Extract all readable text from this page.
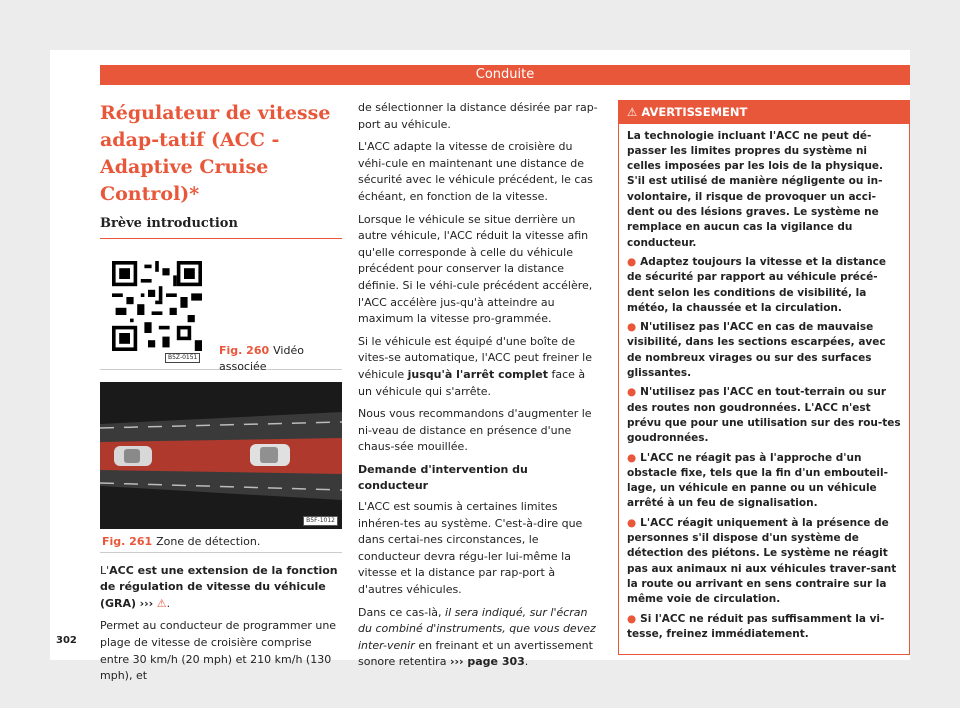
Conduite
Régulateur de vitesse adap-tatif (ACC - Adaptive Cruise Control)*
Brève introduction
B5Z-0151
Fig. 260 Vidéo associée
B5F-1012
Fig. 261 Zone de détection.

L'ACC est une extension de la fonction de régulation de vitesse du véhicule (GRA) ››› ⚠.

Permet au conducteur de programmer une plage de vitesse de croisière comprise entre 30 km/h (20 mph) et 210 km/h (130 mph), et

de sélectionner la distance désirée par rap-port au véhicule.

L'ACC adapte la vitesse de croisière du véhi-cule en maintenant une distance de sécurité avec le véhicule précédent, le cas échéant, en fonction de la vitesse.

Lorsque le véhicule se situe derrière un autre véhicule, l'ACC réduit la vitesse afin qu'elle corresponde à celle du véhicule précédent pour conserver la distance définie. Si le véhi-cule précédent accélère, l'ACC accélère jus-qu'à atteindre au maximum la vitesse pro-grammée.

Si le véhicule est équipé d'une boîte de vites-se automatique, l'ACC peut freiner le véhicule jusqu'à l'arrêt complet face à un véhicule qui s'arrête.

Nous vous recommandons d'augmenter le ni-veau de distance en présence d'une chaus-sée mouillée.

Demande d'intervention du conducteur

L'ACC est soumis à certaines limites inhéren-tes au système. C'est-à-dire que dans certai-nes circonstances, le conducteur devra régu-ler lui-même la vitesse et la distance par rap-port à d'autres véhicules.

Dans ce cas-là, il sera indiqué, sur l'écran du combiné d'instruments, que vous devez inter-venir en freinant et un avertissement sonore retentira ››› page 303.

⚠ AVERTISSEMENT

La technologie incluant l'ACC ne peut dé-passer les limites propres du système ni celles imposées par les lois de la physique. S'il est utilisé de manière négligente ou in-volontaire, il risque de provoquer un acci-dent ou des lésions graves. Le système ne remplace en aucun cas la vigilance du conducteur.

● Adaptez toujours la vitesse et la distance de sécurité par rapport au véhicule précé-dent selon les conditions de visibilité, la météo, la chaussée et la circulation.

● N'utilisez pas l'ACC en cas de mauvaise visibilité, dans les sections escarpées, avec de nombreux virages ou sur des surfaces glissantes.

● N'utilisez pas l'ACC en tout-terrain ou sur des routes non goudronnées. L'ACC n'est prévu que pour une utilisation sur des rou-tes goudronnées.

● L'ACC ne réagit pas à l'approche d'un obstacle fixe, tels que la fin d'un embouteil-lage, un véhicule en panne ou un véhicule arrêté à un feu de signalisation.

● L'ACC réagit uniquement à la présence de personnes s'il dispose d'un système de détection des piétons. Le système ne réagit pas aux animaux ni aux véhicules traver-sant la route ou arrivant en sens contraire sur la même voie de circulation.

● Si l'ACC ne réduit pas suffisamment la vi-tesse, freinez immédiatement.

302
